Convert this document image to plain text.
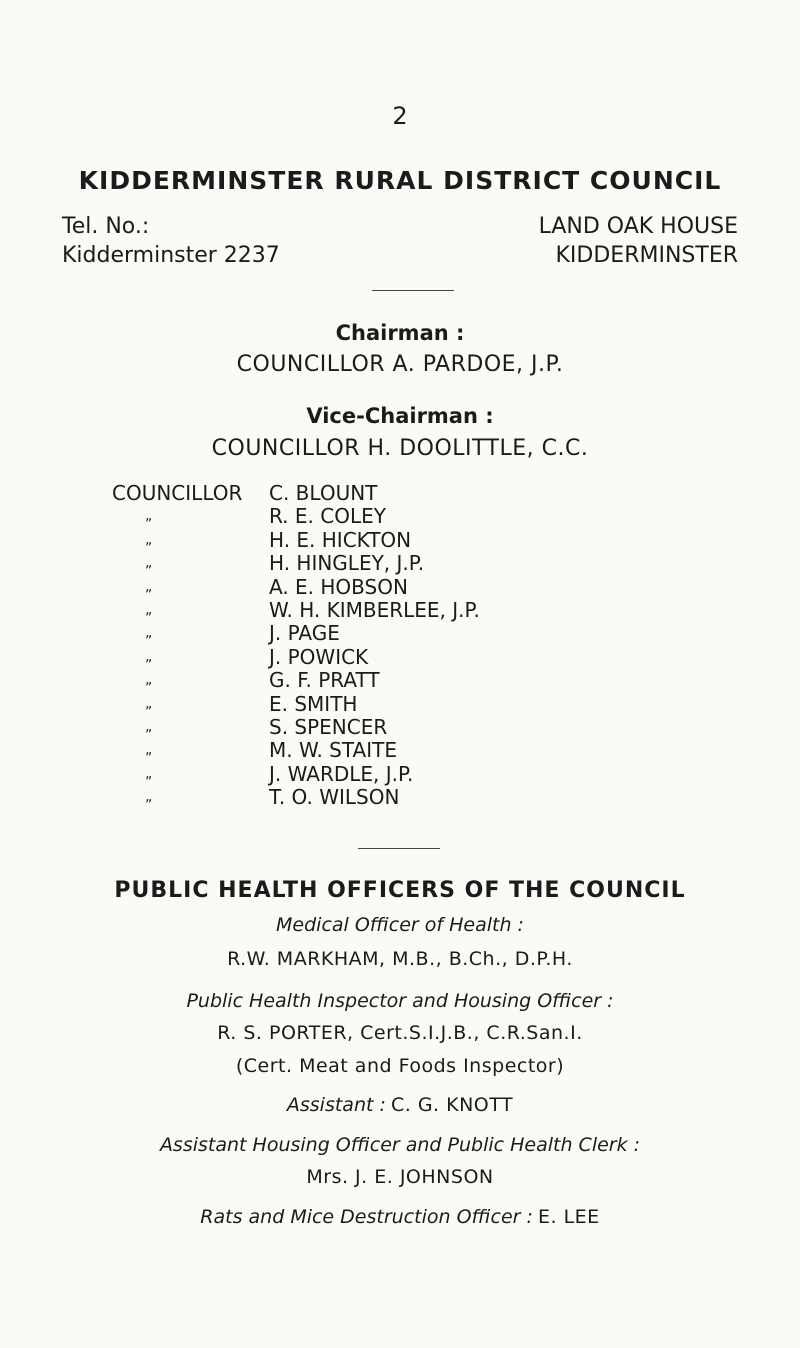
2
KIDDERMINSTER RURAL DISTRICT COUNCIL
Tel. No.:
Kidderminster 2237
LAND OAK HOUSE
KIDDERMINSTER
Chairman :
COUNCILLOR A. PARDOE, J.P.
Vice-Chairman :
COUNCILLOR H. DOOLITTLE, C.C.
COUNCILLOR C. BLOUNT
„	R. E. COLEY
„	H. E. HICKTON
„	H. HINGLEY, J.P.
„	A. E. HOBSON
„	W. H. KIMBERLEE, J.P.
„	J. PAGE
„	J. POWICK
„	G. F. PRATT
„	E. SMITH
„	S. SPENCER
„	M. W. STAITE
„	J. WARDLE, J.P.
„	T. O. WILSON
PUBLIC HEALTH OFFICERS OF THE COUNCIL
Medical Officer of Health :
R.W. MARKHAM, M.B., B.Ch., D.P.H.
Public Health Inspector and Housing Officer :
R. S. PORTER, Cert.S.I.J.B., C.R.San.I.
(Cert. Meat and Foods Inspector)
Assistant : C. G. KNOTT
Assistant Housing Officer and Public Health Clerk :
Mrs. J. E. JOHNSON
Rats and Mice Destruction Officer : E. LEE
